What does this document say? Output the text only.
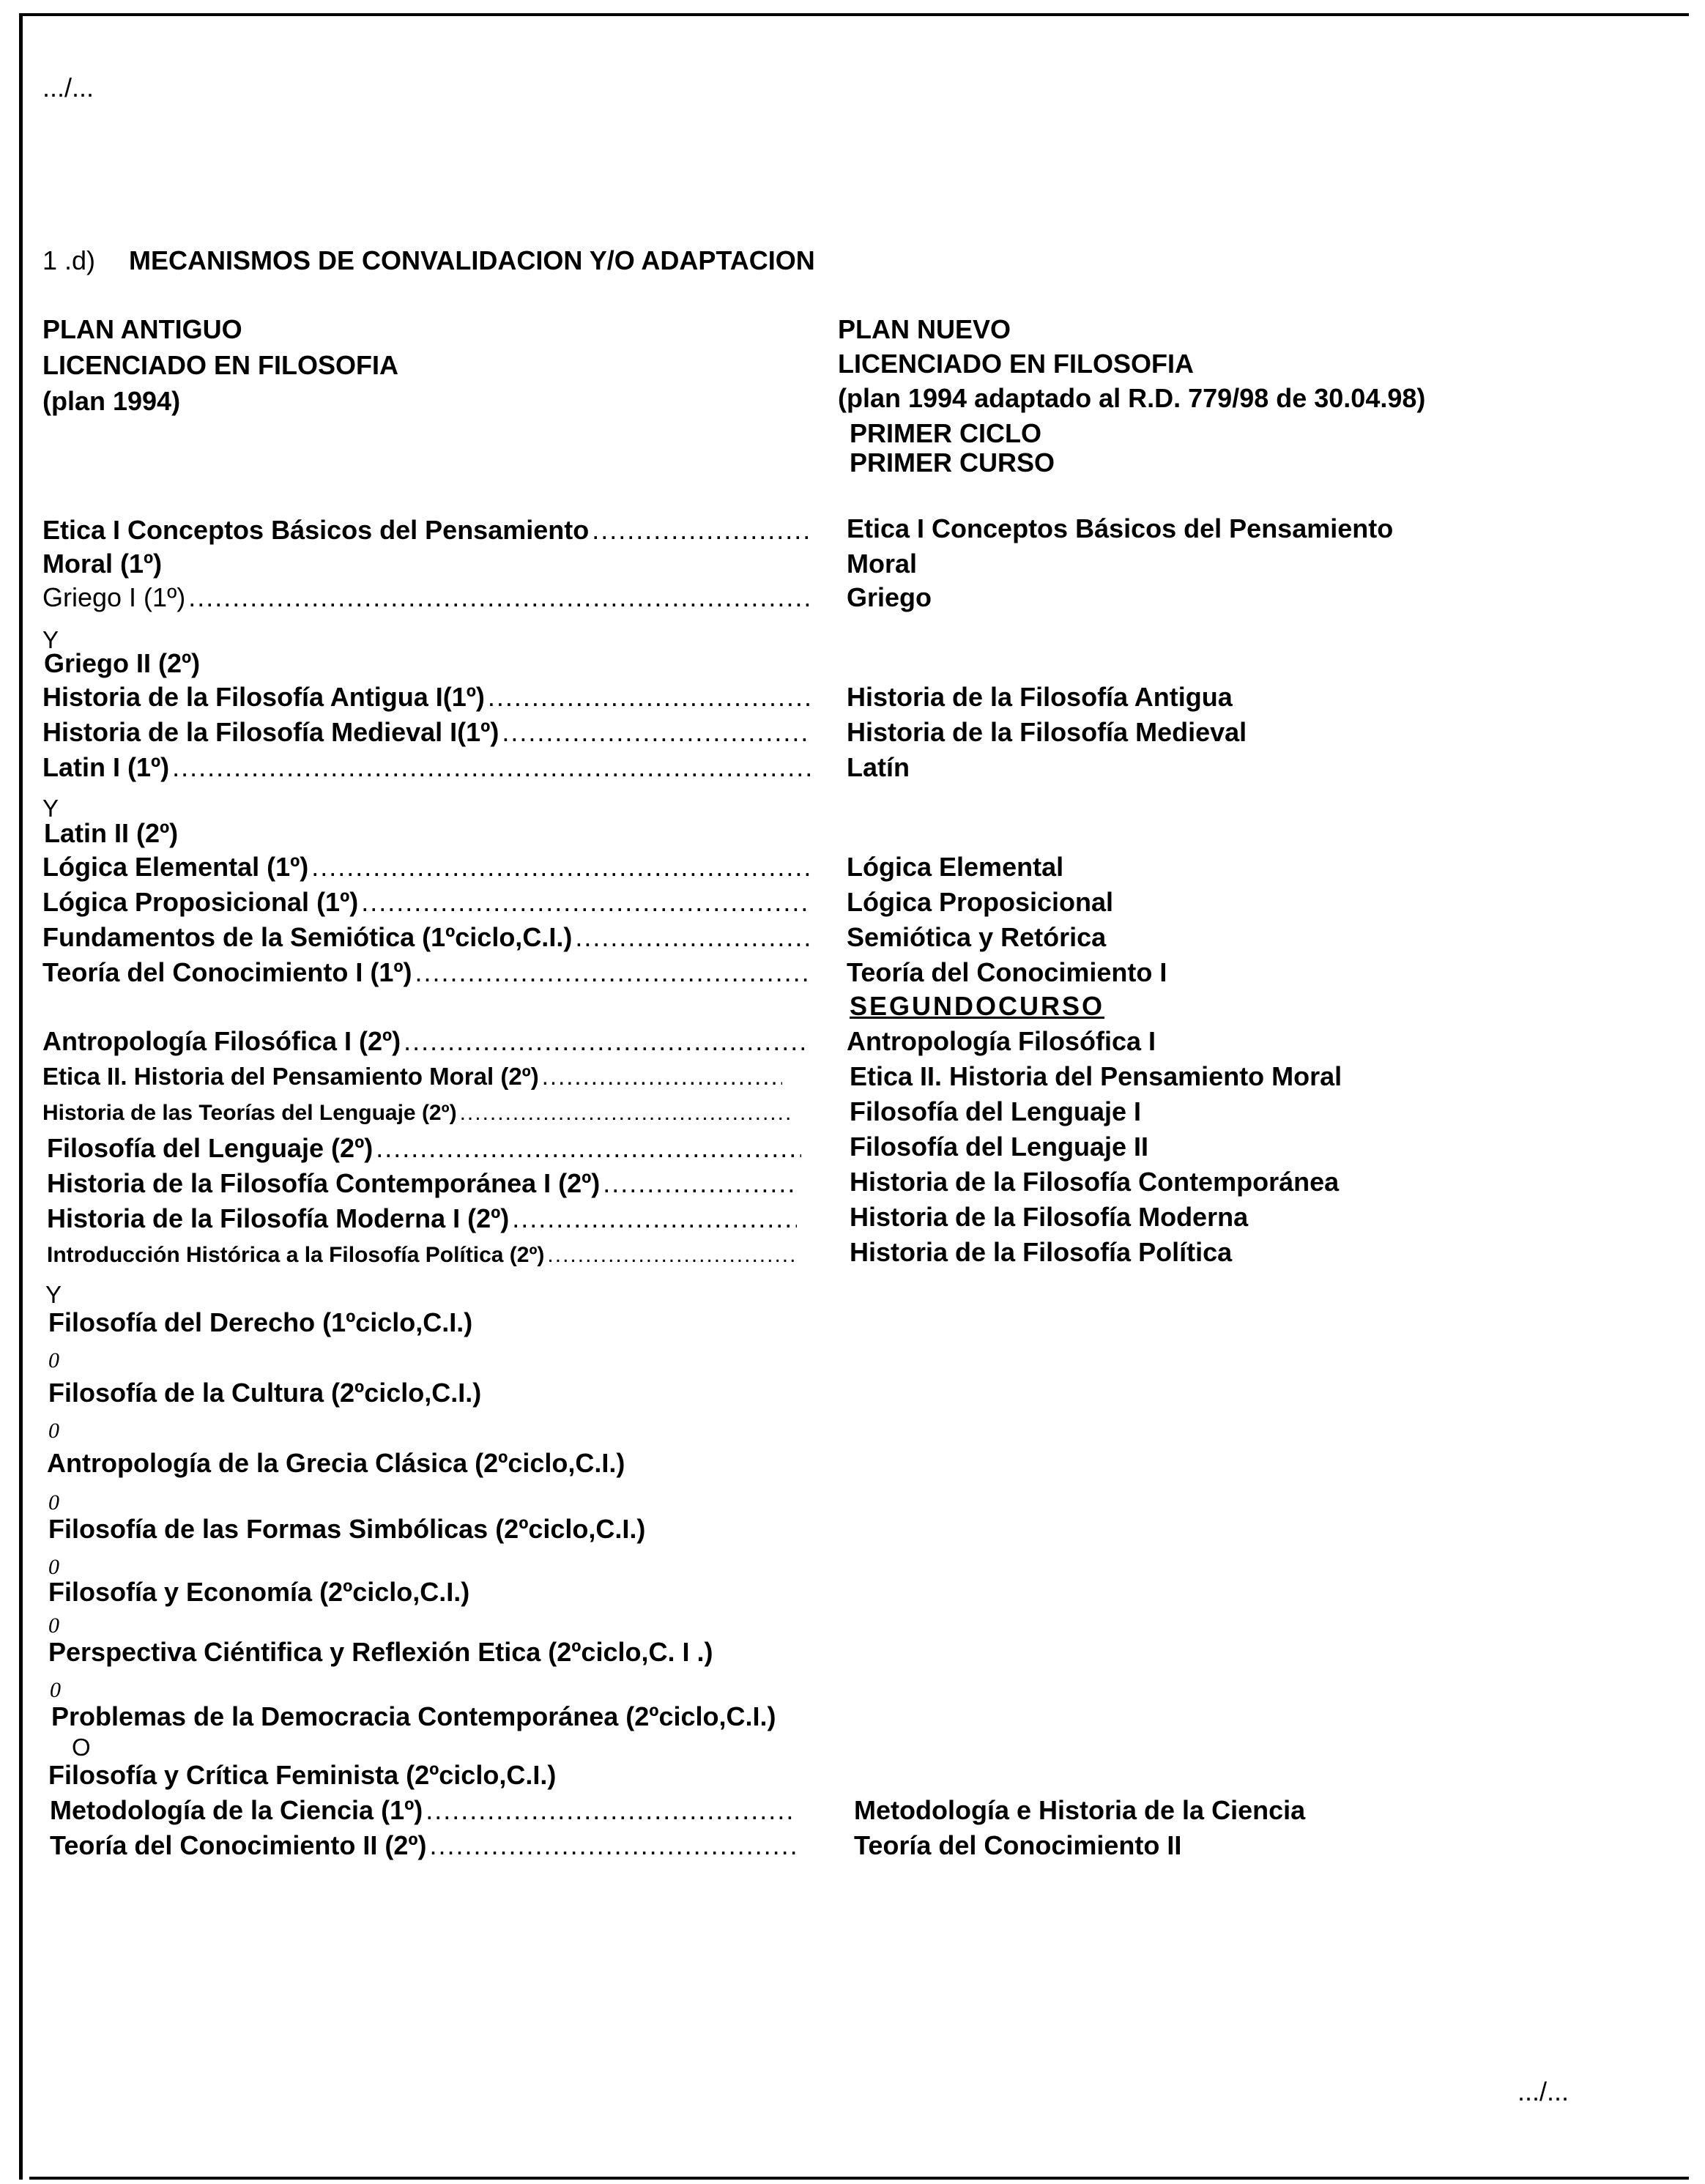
.../...
1 .d) MECANISMOS DE CONVALIDACION Y/O ADAPTACION
PLAN ANTIGUO
LICENCIADO EN FILOSOFIA
(plan 1994)
PLAN NUEVO
LICENCIADO EN FILOSOFIA
(plan 1994 adaptado al R.D. 779/98 de 30.04.98)
PRIMER CICLO
PRIMER CURSO
Etica I Conceptos Básicos del Pensamiento
.....
Moral (1º)
Griego I (1º)
.....
Y
Griego II (2º)
Historia de la Filosofía Antigua I(1º)
.....
Historia de la Filosofía Medieval I(1º)
.....
Latin I (1º)
.....
Y
Latin II (2º)
Lógica Elemental (1º)
.....
Lógica Proposicional (1º)
.....
Fundamentos de la Semiótica (1ºciclo,C.I.)
.....
Teoría del Conocimiento I (1º)
.....
Antropología Filosófica I (2º)
.....
Etica II. Historia del Pensamiento Moral (2º)
.....
Historia de las Teorías del Lenguaje (2º)
.....
Filosofía del Lenguaje (2º)
.....
Historia de la Filosofía Contemporánea I (2º)
.....
Historia de la Filosofía Moderna I (2º)
.....
Introducción Histórica a la Filosofía Política (2º)
.....
Y
Filosofía del Derecho (1ºciclo,C.I.)
0
Filosofía de la Cultura (2ºciclo,C.I.)
0
Antropología de la Grecia Clásica (2ºciclo,C.I.)
0
Filosofía de las Formas Simbólicas (2ºciclo,C.I.)
0
Filosofía y Economía (2ºciclo,C.I.)
0
Perspectiva Ciéntifica y Reflexión Etica (2ºciclo,C. I .)
0
Problemas de la Democracia Contemporánea (2ºciclo,C.I.)
O
Filosofía y Crítica Feminista (2ºciclo,C.I.)
Metodología de la Ciencia (1º)
.....
Teoría del Conocimiento II (2º)
.....
Etica I Conceptos Básicos del Pensamiento
Moral
Griego
Historia de la Filosofía Antigua
Historia de la Filosofía Medieval
Latín
Lógica Elemental
Lógica Proposicional
Semiótica y Retórica
Teoría del Conocimiento I
SEGUNDOCURSO
Antropología Filosófica I
Etica II. Historia del Pensamiento Moral
Filosofía del Lenguaje I
Filosofía del Lenguaje II
Historia de la Filosofía Contemporánea
Historia de la Filosofía Moderna
Historia de la Filosofía Política
Metodología e Historia de la Ciencia
Teoría del Conocimiento II
.../...
